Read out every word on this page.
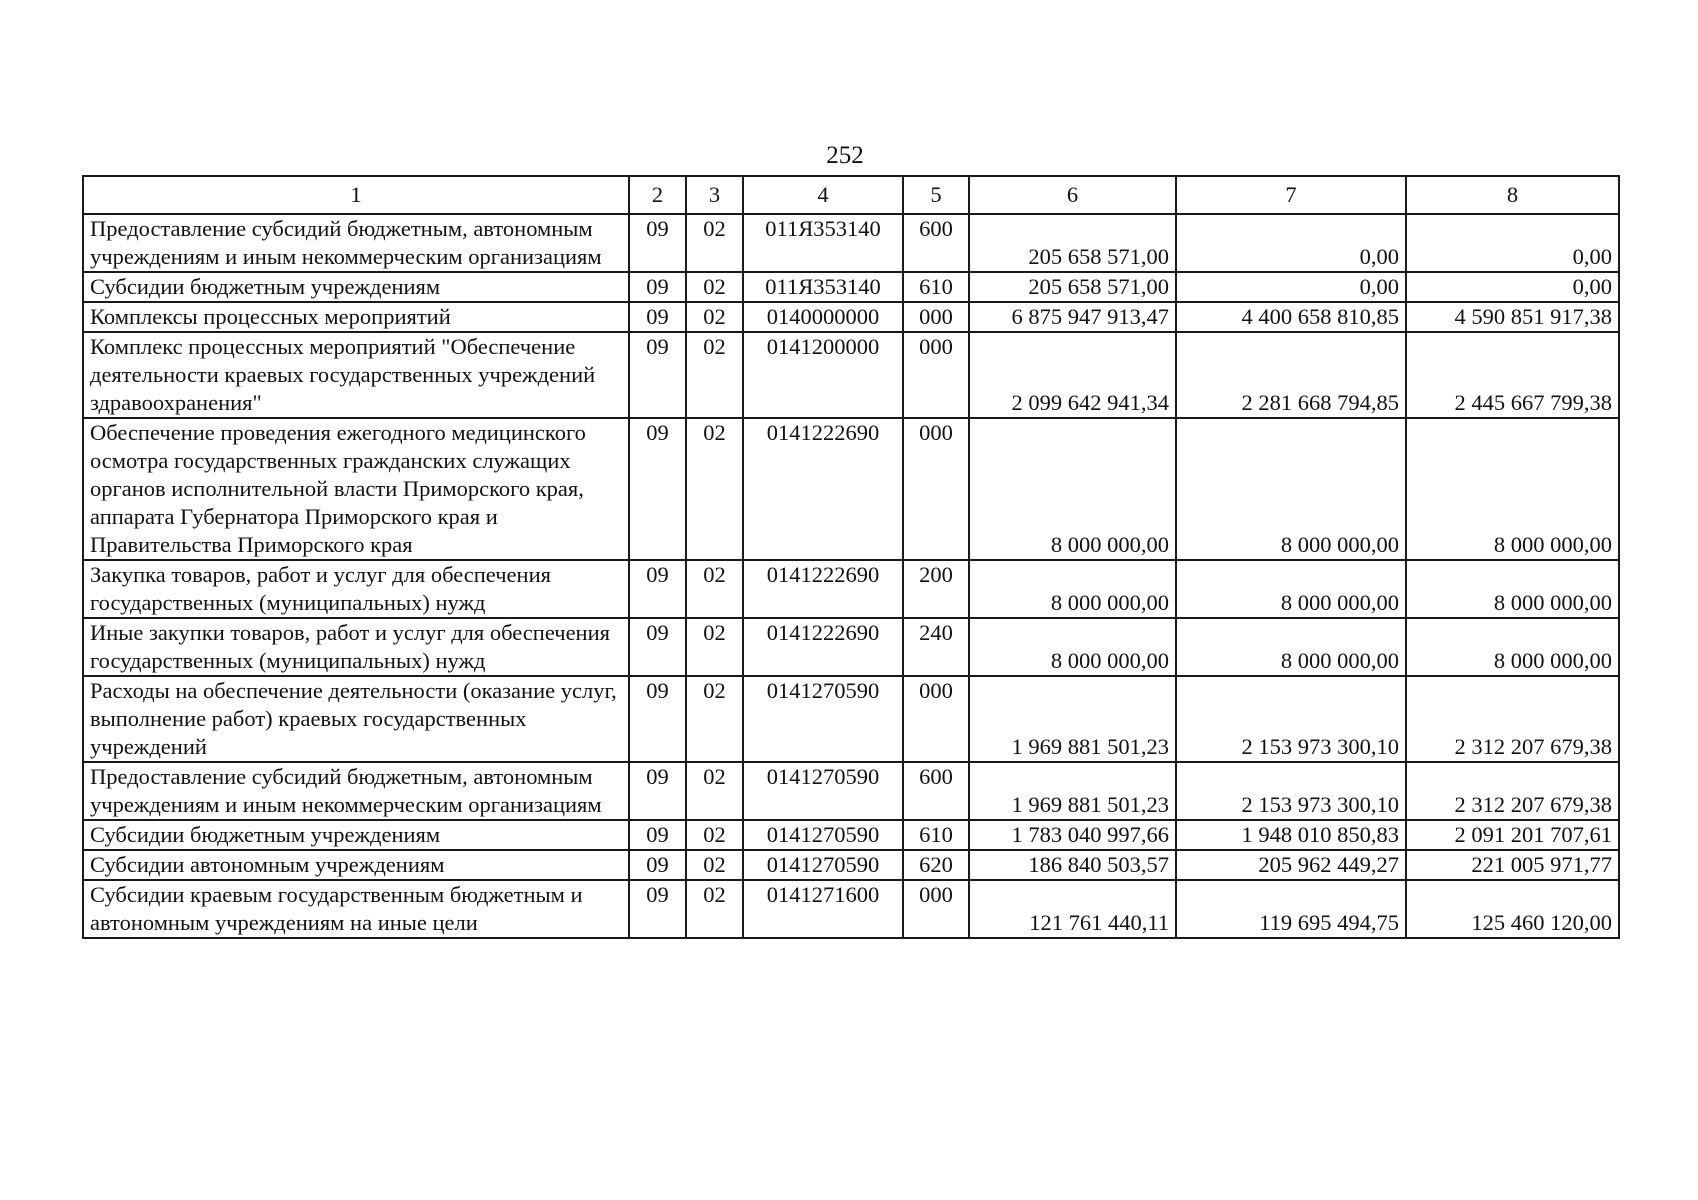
252
1	2	3	4	5	6	7	8
Предоставление субсидий бюджетным, автономным учреждениям и иным некоммерческим организациям	09	02	011Я353140	600	205 658 571,00	0,00	0,00
Субсидии бюджетным учреждениям	09	02	011Я353140	610	205 658 571,00	0,00	0,00
Комплексы процессных мероприятий	09	02	0140000000	000	6 875 947 913,47	4 400 658 810,85	4 590 851 917,38
Комплекс процессных мероприятий "Обеспечение деятельности краевых государственных учреждений здравоохранения"	09	02	0141200000	000	2 099 642 941,34	2 281 668 794,85	2 445 667 799,38
Обеспечение проведения ежегодного медицинского осмотра государственных гражданских служащих органов исполнительной власти Приморского края, аппарата Губернатора Приморского края и Правительства Приморского края	09	02	0141222690	000	8 000 000,00	8 000 000,00	8 000 000,00
Закупка товаров, работ и услуг для обеспечения государственных (муниципальных) нужд	09	02	0141222690	200	8 000 000,00	8 000 000,00	8 000 000,00
Иные закупки товаров, работ и услуг для обеспечения государственных (муниципальных) нужд	09	02	0141222690	240	8 000 000,00	8 000 000,00	8 000 000,00
Расходы на обеспечение деятельности (оказание услуг, выполнение работ) краевых государственных учреждений	09	02	0141270590	000	1 969 881 501,23	2 153 973 300,10	2 312 207 679,38
Предоставление субсидий бюджетным, автономным учреждениям и иным некоммерческим организациям	09	02	0141270590	600	1 969 881 501,23	2 153 973 300,10	2 312 207 679,38
Субсидии бюджетным учреждениям	09	02	0141270590	610	1 783 040 997,66	1 948 010 850,83	2 091 201 707,61
Субсидии автономным учреждениям	09	02	0141270590	620	186 840 503,57	205 962 449,27	221 005 971,77
Субсидии краевым государственным бюджетным и автономным учреждениям на иные цели	09	02	0141271600	000	121 761 440,11	119 695 494,75	125 460 120,00
